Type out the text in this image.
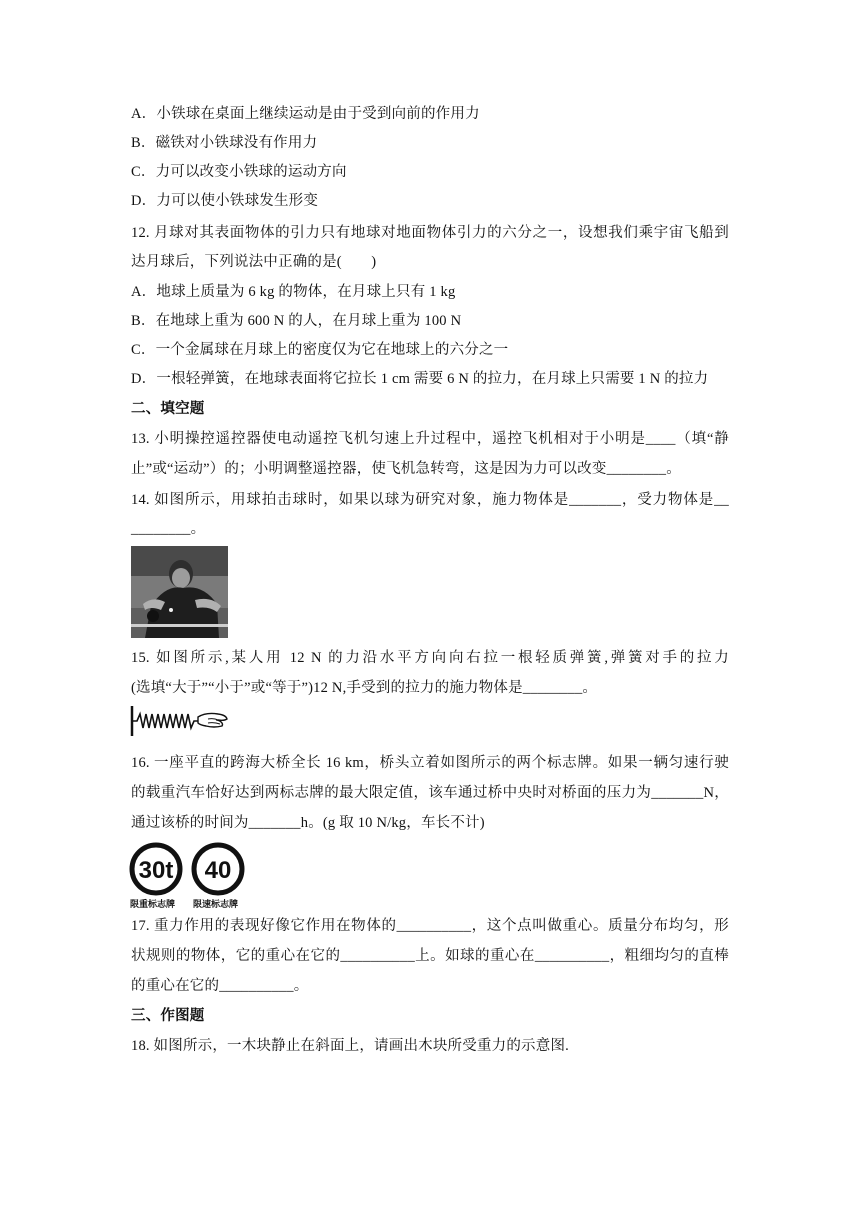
A．小铁球在桌面上继续运动是由于受到向前的作用力
B．磁铁对小铁球没有作用力
C．力可以改变小铁球的运动方向
D．力可以使小铁球发生形变
12. 月球对其表面物体的引力只有地球对地面物体引力的六分之一，设想我们乘宇宙飞船到
达月球后，下列说法中正确的是(　　)
A．地球上质量为 6 kg 的物体，在月球上只有 1 kg
B．在地球上重为 600 N 的人，在月球上重为 100 N
C．一个金属球在月球上的密度仅为它在地球上的六分之一
D．一根轻弹簧，在地球表面将它拉长 1 cm 需要 6 N 的拉力，在月球上只需要 1 N 的拉力
二、填空题
13. 小明操控遥控器使电动遥控飞机匀速上升过程中，遥控飞机相对于小明是____（填“静
止”或“运动”）的；小明调整遥控器，使飞机急转弯，这是因为力可以改变________。
14. 如图所示，用球拍击球时，如果以球为研究对象，施力物体是_______，受力物体是__
________。
15. 如图所示,某人用 12 N 的力沿水平方向向右拉一根轻质弹簧,弹簧对手的拉力
(选填“大于”“小于”或“等于”)12 N,手受到的拉力的施力物体是________。
16. 一座平直的跨海大桥全长 16 km，桥头立着如图所示的两个标志牌。如果一辆匀速行驶
的载重汽车恰好达到两标志牌的最大限定值，该车通过桥中央时对桥面的压力为_______N，
通过该桥的时间为_______h。(g 取 10 N/kg，车长不计)
30t 40
限重标志牌 限速标志牌
17. 重力作用的表现好像它作用在物体的__________，这个点叫做重心。质量分布均匀，形
状规则的物体，它的重心在它的__________上。如球的重心在__________，粗细均匀的直棒
的重心在它的__________。
三、作图题
18. 如图所示，一木块静止在斜面上，请画出木块所受重力的示意图.
